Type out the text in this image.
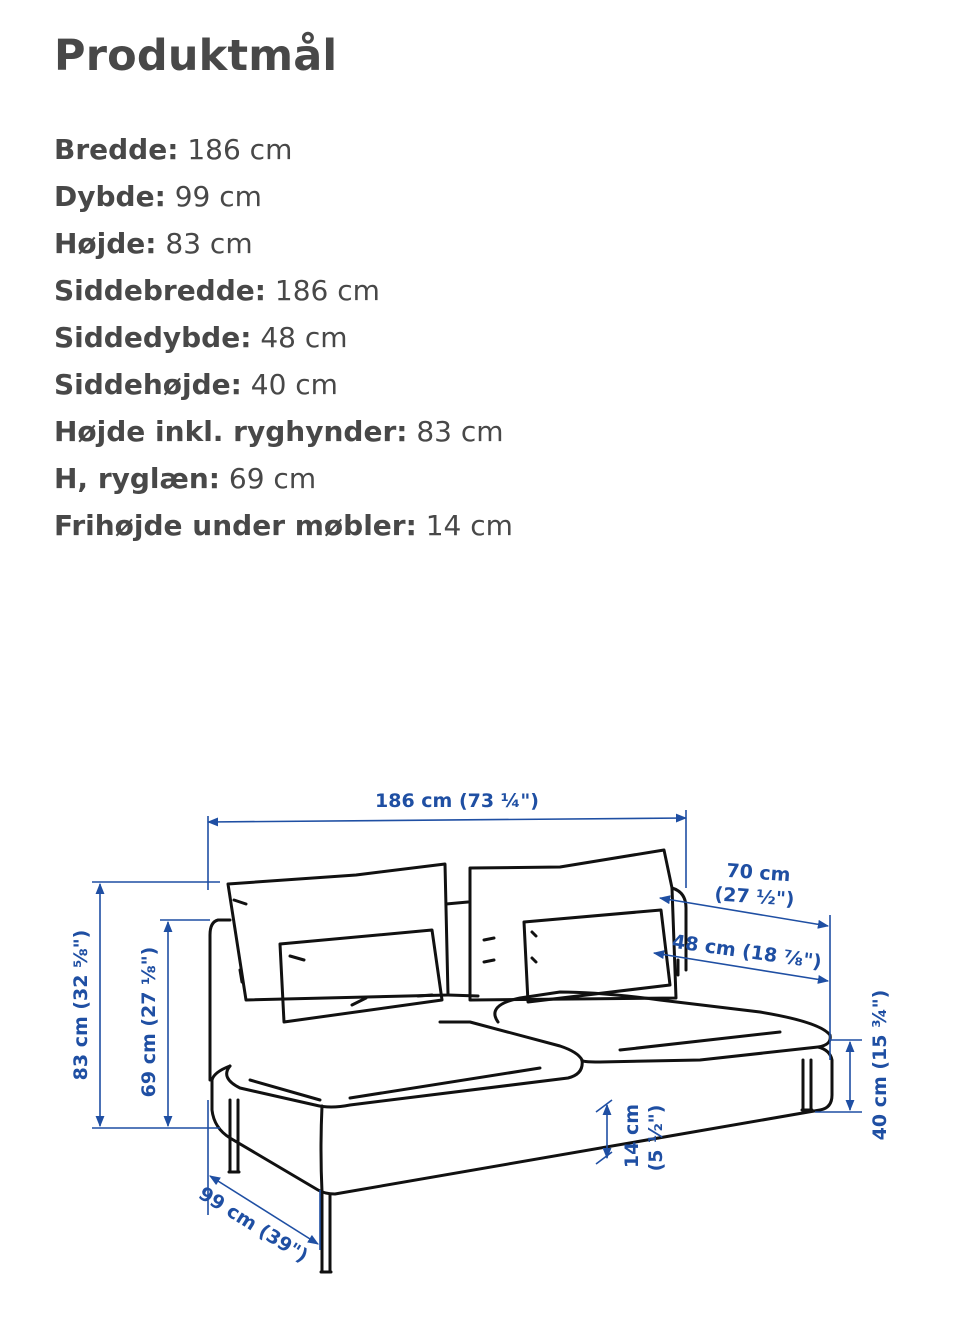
Produktmål
Bredde: 186 cm
Dybde: 99 cm
Højde: 83 cm
Siddebredde: 186 cm
Siddedybde: 48 cm
Siddehøjde: 40 cm
Højde inkl. ryghynder: 83 cm
H, ryglæn: 69 cm
Frihøjde under møbler: 14 cm
186 cm (73 ¼")
70 cm
(27 ½")
48 cm (18 ⅞")
83 cm (32 ⅝") 69 cm (27 ⅛")	40 cm (15 ¾")
14 cm (5 ½")
99 cm (39")
